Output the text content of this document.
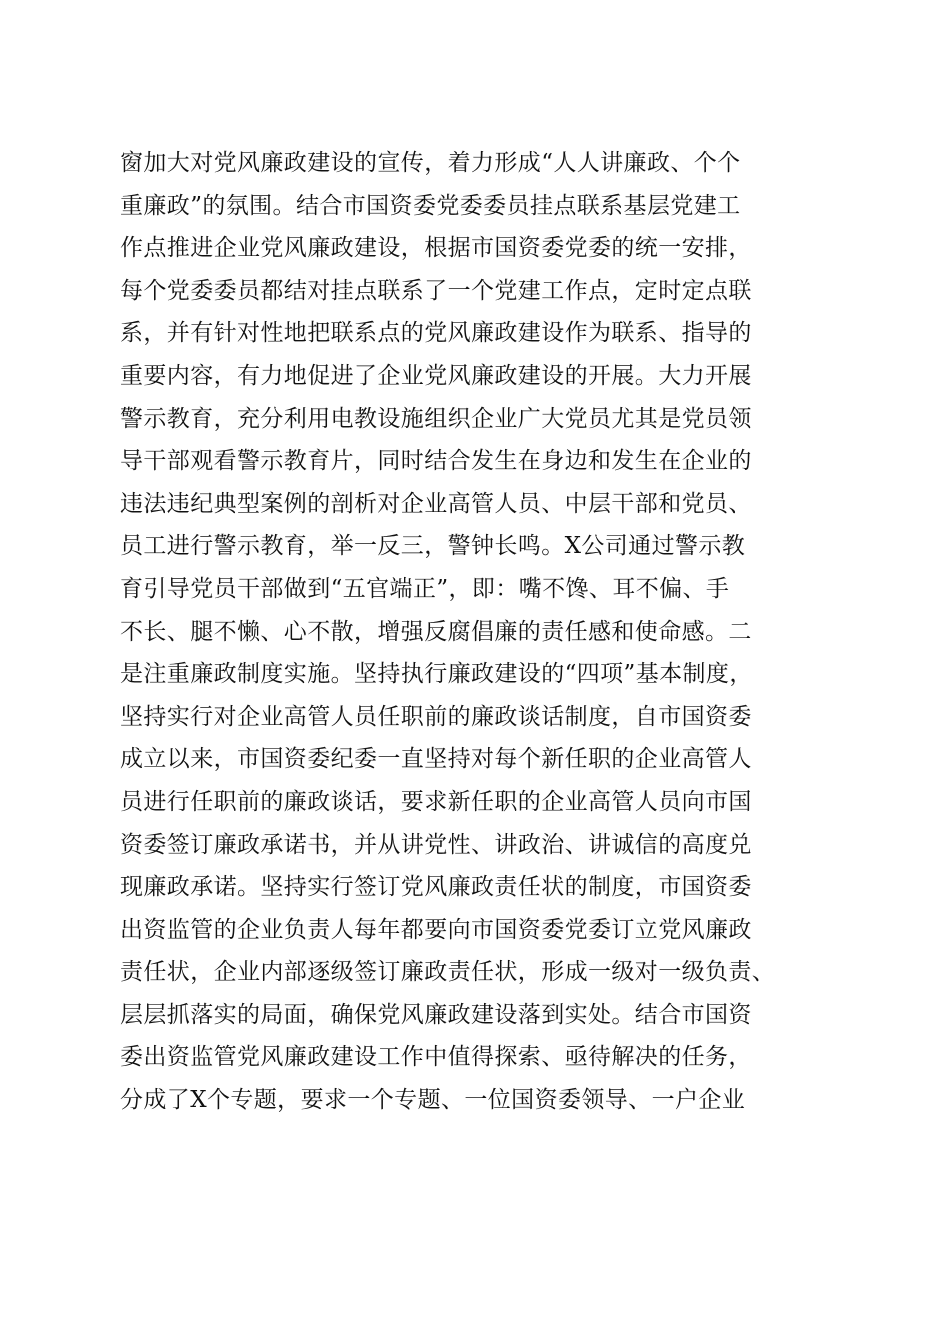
窗加大对党风廉政建设的宣传，着力形成“人人讲廉政、个个
重廉政”的氛围。结合市国资委党委委员挂点联系基层党建工
作点推进企业党风廉政建设，根据市国资委党委的统一安排，
每个党委委员都结对挂点联系了一个党建工作点，定时定点联
系，并有针对性地把联系点的党风廉政建设作为联系、指导的
重要内容，有力地促进了企业党风廉政建设的开展。大力开展
警示教育，充分利用电教设施组织企业广大党员尤其是党员领
导干部观看警示教育片，同时结合发生在身边和发生在企业的
违法违纪典型案例的剖析对企业高管人员、中层干部和党员、
员工进行警示教育，举一反三，警钟长鸣。X公司通过警示教
育引导党员干部做到“五官端正”，即：嘴不馋、耳不偏、手
不长、腿不懒、心不散，增强反腐倡廉的责任感和使命感。二
是注重廉政制度实施。坚持执行廉政建设的“四项”基本制度，
坚持实行对企业高管人员任职前的廉政谈话制度，自市国资委
成立以来，市国资委纪委一直坚持对每个新任职的企业高管人
员进行任职前的廉政谈话，要求新任职的企业高管人员向市国
资委签订廉政承诺书，并从讲党性、讲政治、讲诚信的高度兑
现廉政承诺。坚持实行签订党风廉政责任状的制度，市国资委
出资监管的企业负责人每年都要向市国资委党委订立党风廉政
责任状，企业内部逐级签订廉政责任状，形成一级对一级负责、
层层抓落实的局面，确保党风廉政建设落到实处。结合市国资
委出资监管党风廉政建设工作中值得探索、亟待解决的任务，
分成了X个专题，要求一个专题、一位国资委领导、一户企业
